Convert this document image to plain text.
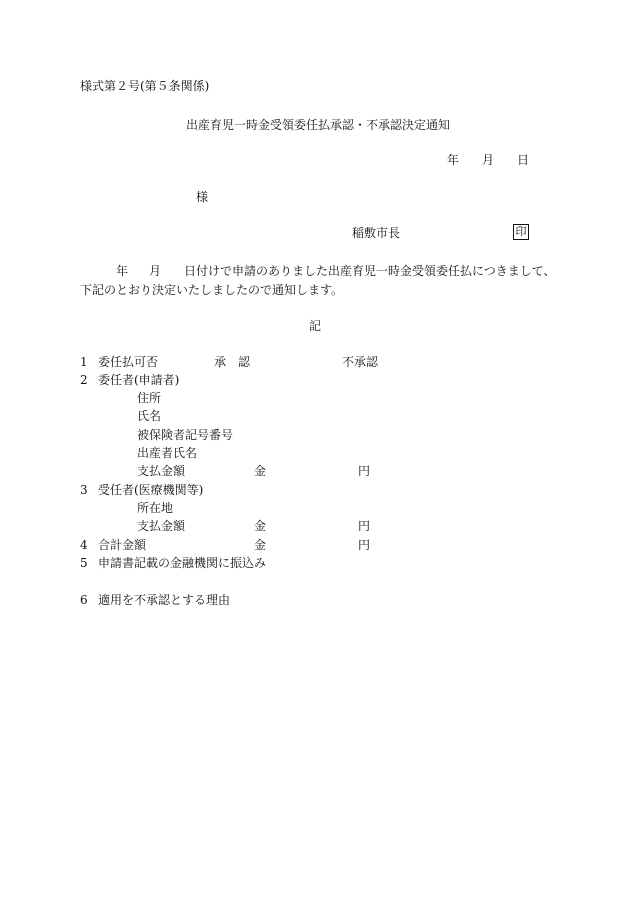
様式第２号(第５条関係)
出産育児一時金受領委任払承認・不承認決定通知
年 月 日
様
稲敷市長	印
年 月 日付けで申請のありました出産育児一時金受領委任払につきまして、
下記のとおり決定いたしましたので通知します。
記
1 委任払可否	承　認	不承認
2 委任者(申請者)
住所
氏名
被保険者記号番号
出産者氏名
支払金額	金	円
3 受任者(医療機関等)
所在地
支払金額	金	円
4 合計金額	金	円
5 申請書記載の金融機関に振込み
6 適用を不承認とする理由
